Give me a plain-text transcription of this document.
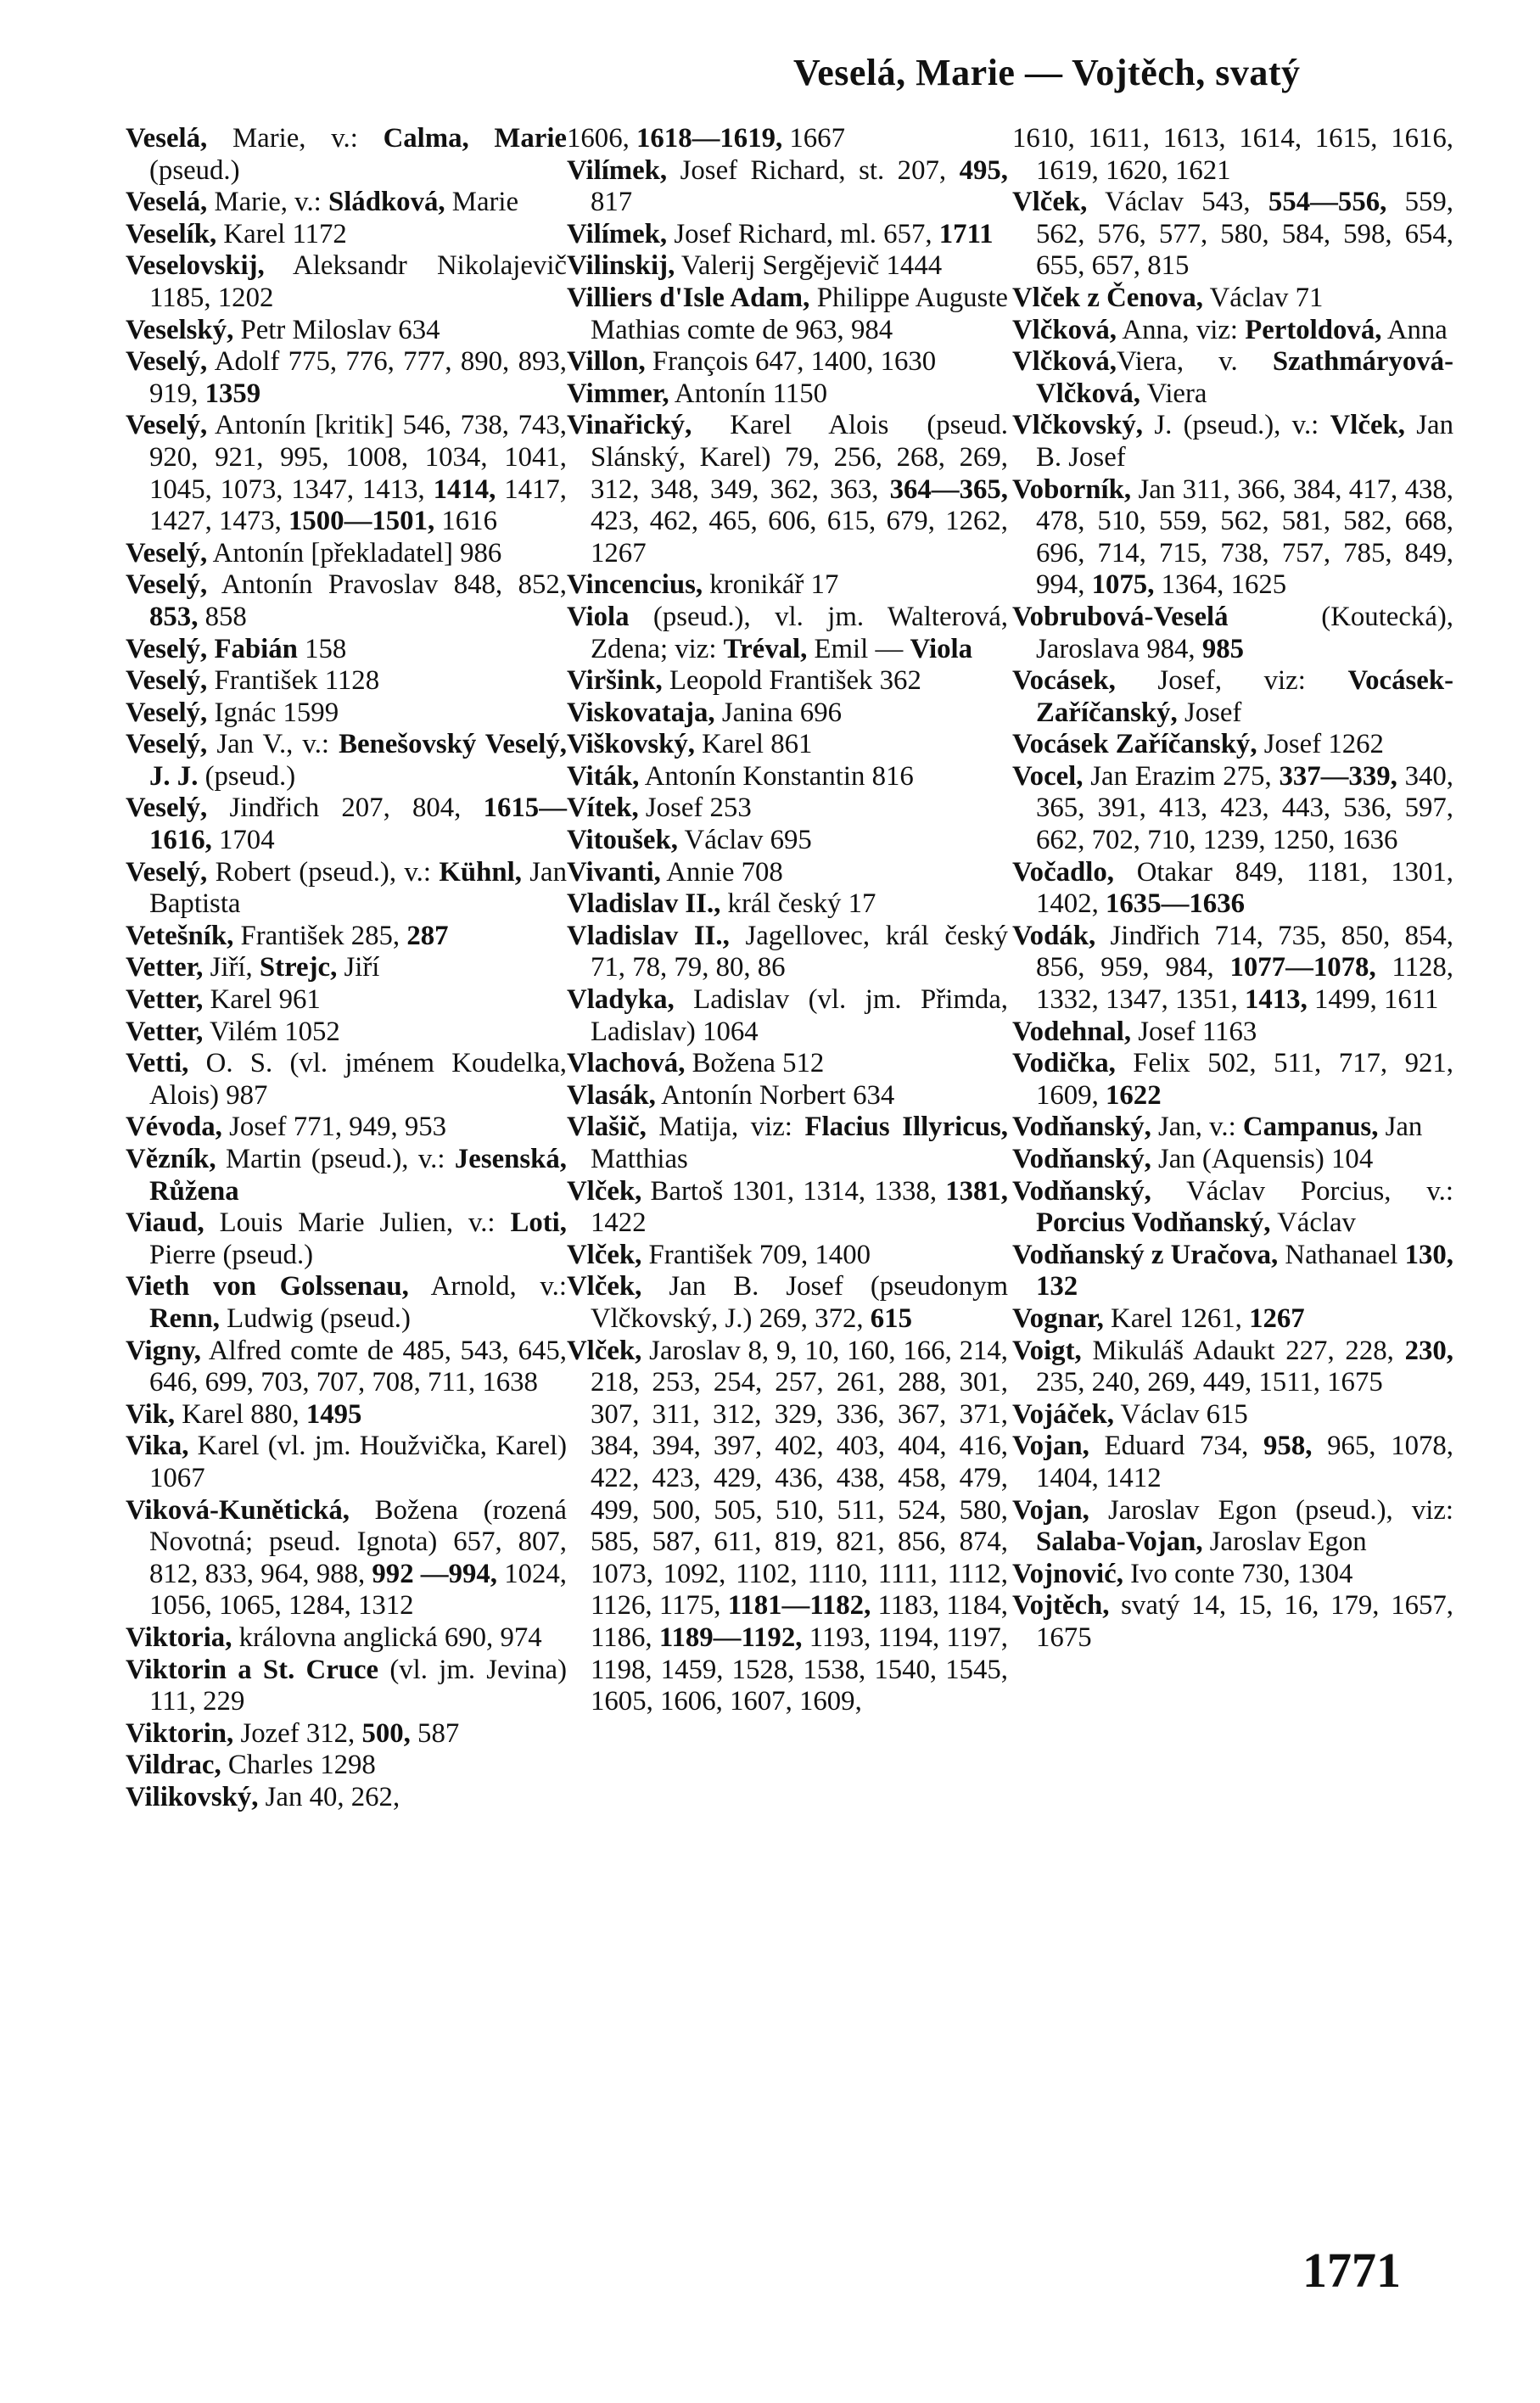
Veselá, Marie — Vojtěch, svatý
Veselá, Marie, v.: Calma, Marie (pseud.)
Veselá, Marie, v.: Sládková, Marie
Veselík, Karel 1172
Veselovskij, Aleksandr Nikolajevič 1185, 1202
Veselský, Petr Miloslav 634
Veselý, Adolf 775, 776, 777, 890, 893, 919, 1359
Veselý, Antonín [kritik] 546, 738, 743, 920, 921, 995, 1008, 1034, 1041, 1045, 1073, 1347, 1413, 1414, 1417, 1427, 1473, 1500—1501, 1616
Veselý, Antonín [překladatel] 986
Veselý, Antonín Pravoslav 848, 852, 853, 858
Veselý, Fabián 158
Veselý, František 1128
Veselý, Ignác 1599
Veselý, Jan V., v.: Benešovský Veselý, J. J. (pseud.)
Veselý, Jindřich 207, 804, 1615—1616, 1704
Veselý, Robert (pseud.), v.: Kühnl, Jan Baptista
Vetešník, František 285, 287
Vetter, Jiří, Strejc, Jiří
Vetter, Karel 961
Vetter, Vilém 1052
Vetti, O. S. (vl. jménem Koudelka, Alois) 987
Vévoda, Josef 771, 949, 953
Vězník, Martin (pseud.), v.: Jesenská, Růžena
Viaud, Louis Marie Julien, v.: Loti, Pierre (pseud.)
Vieth von Golssenau, Arnold, v.: Renn, Ludwig (pseud.)
Vigny, Alfred comte de 485, 543, 645, 646, 699, 703, 707, 708, 711, 1638
Vik, Karel 880, 1495
Vika, Karel (vl. jm. Houžvička, Karel) 1067
Viková-Kunětická, Božena (rozená Novotná; pseud. Ignota) 657, 807, 812, 833, 964, 988, 992 —994, 1024, 1056, 1065, 1284, 1312
Viktoria, královna anglická 690, 974
Viktorin a St. Cruce (vl. jm. Jevina) 111, 229
Viktorin, Jozef 312, 500, 587
Vildrac, Charles 1298
Vilikovský, Jan 40, 262,
1606, 1618—1619, 1667
Vilímek, Josef Richard, st. 207, 495, 817
Vilímek, Josef Richard, ml. 657, 1711
Vilinskij, Valerij Sergějevič 1444
Villiers d'Isle Adam, Philippe Auguste Mathias comte de 963, 984
Villon, François 647, 1400, 1630
Vimmer, Antonín 1150
Vinařický, Karel Alois (pseud. Slánský, Karel) 79, 256, 268, 269, 312, 348, 349, 362, 363, 364—365, 423, 462, 465, 606, 615, 679, 1262, 1267
Vincencius, kronikář 17
Viola (pseud.), vl. jm. Walterová, Zdena; viz: Tréval, Emil — Viola
Viršink, Leopold František 362
Viskovataja, Janina 696
Viškovský, Karel 861
Viták, Antonín Konstantin 816
Vítek, Josef 253
Vitoušek, Václav 695
Vivanti, Annie 708
Vladislav II., král český 17
Vladislav II., Jagellovec, král český 71, 78, 79, 80, 86
Vladyka, Ladislav (vl. jm. Přimda, Ladislav) 1064
Vlachová, Božena 512
Vlasák, Antonín Norbert 634
Vlašič, Matija, viz: Flacius Illyricus, Matthias
Vlček, Bartoš 1301, 1314, 1338, 1381, 1422
Vlček, František 709, 1400
Vlček, Jan B. Josef (pseudonym Vlčkovský, J.) 269, 372, 615
Vlček, Jaroslav 8, 9, 10, 160, 166, 214, 218, 253, 254, 257, 261, 288, 301, 307, 311, 312, 329, 336, 367, 371, 384, 394, 397, 402, 403, 404, 416, 422, 423, 429, 436, 438, 458, 479, 499, 500, 505, 510, 511, 524, 580, 585, 587, 611, 819, 821, 856, 874, 1073, 1092, 1102, 1110, 1111, 1112, 1126, 1175, 1181—1182, 1183, 1184, 1186, 1189—1192, 1193, 1194, 1197, 1198, 1459, 1528, 1538, 1540, 1545, 1605, 1606, 1607, 1609,
1610, 1611, 1613, 1614, 1615, 1616, 1619, 1620, 1621
Vlček, Václav 543, 554—556, 559, 562, 576, 577, 580, 584, 598, 654, 655, 657, 815
Vlček z Čenova, Václav 71
Vlčková, Anna, viz: Pertoldová, Anna
Vlčková,Viera, v. Szathmáryová-Vlčková, Viera
Vlčkovský, J. (pseud.), v.: Vlček, Jan B. Josef
Voborník, Jan 311, 366, 384, 417, 438, 478, 510, 559, 562, 581, 582, 668, 696, 714, 715, 738, 757, 785, 849, 994, 1075, 1364, 1625
Vobrubová-Veselá (Koutecká), Jaroslava 984, 985
Vocásek, Josef, viz: Vocásek-Zaříčanský, Josef
Vocásek Zaříčanský, Josef 1262
Vocel, Jan Erazim 275, 337—339, 340, 365, 391, 413, 423, 443, 536, 597, 662, 702, 710, 1239, 1250, 1636
Vočadlo, Otakar 849, 1181, 1301, 1402, 1635—1636
Vodák, Jindřich 714, 735, 850, 854, 856, 959, 984, 1077—1078, 1128, 1332, 1347, 1351, 1413, 1499, 1611
Vodehnal, Josef 1163
Vodička, Felix 502, 511, 717, 921, 1609, 1622
Vodňanský, Jan, v.: Campanus, Jan
Vodňanský, Jan (Aquensis) 104
Vodňanský, Václav Porcius, v.: Porcius Vodňanský, Václav
Vodňanský z Uračova, Nathanael 130, 132
Vognar, Karel 1261, 1267
Voigt, Mikuláš Adaukt 227, 228, 230, 235, 240, 269, 449, 1511, 1675
Vojáček, Václav 615
Vojan, Eduard 734, 958, 965, 1078, 1404, 1412
Vojan, Jaroslav Egon (pseud.), viz: Salaba-Vojan, Jaroslav Egon
Vojnović, Ivo conte 730, 1304
Vojtěch, svatý 14, 15, 16, 179, 1657, 1675
1771
